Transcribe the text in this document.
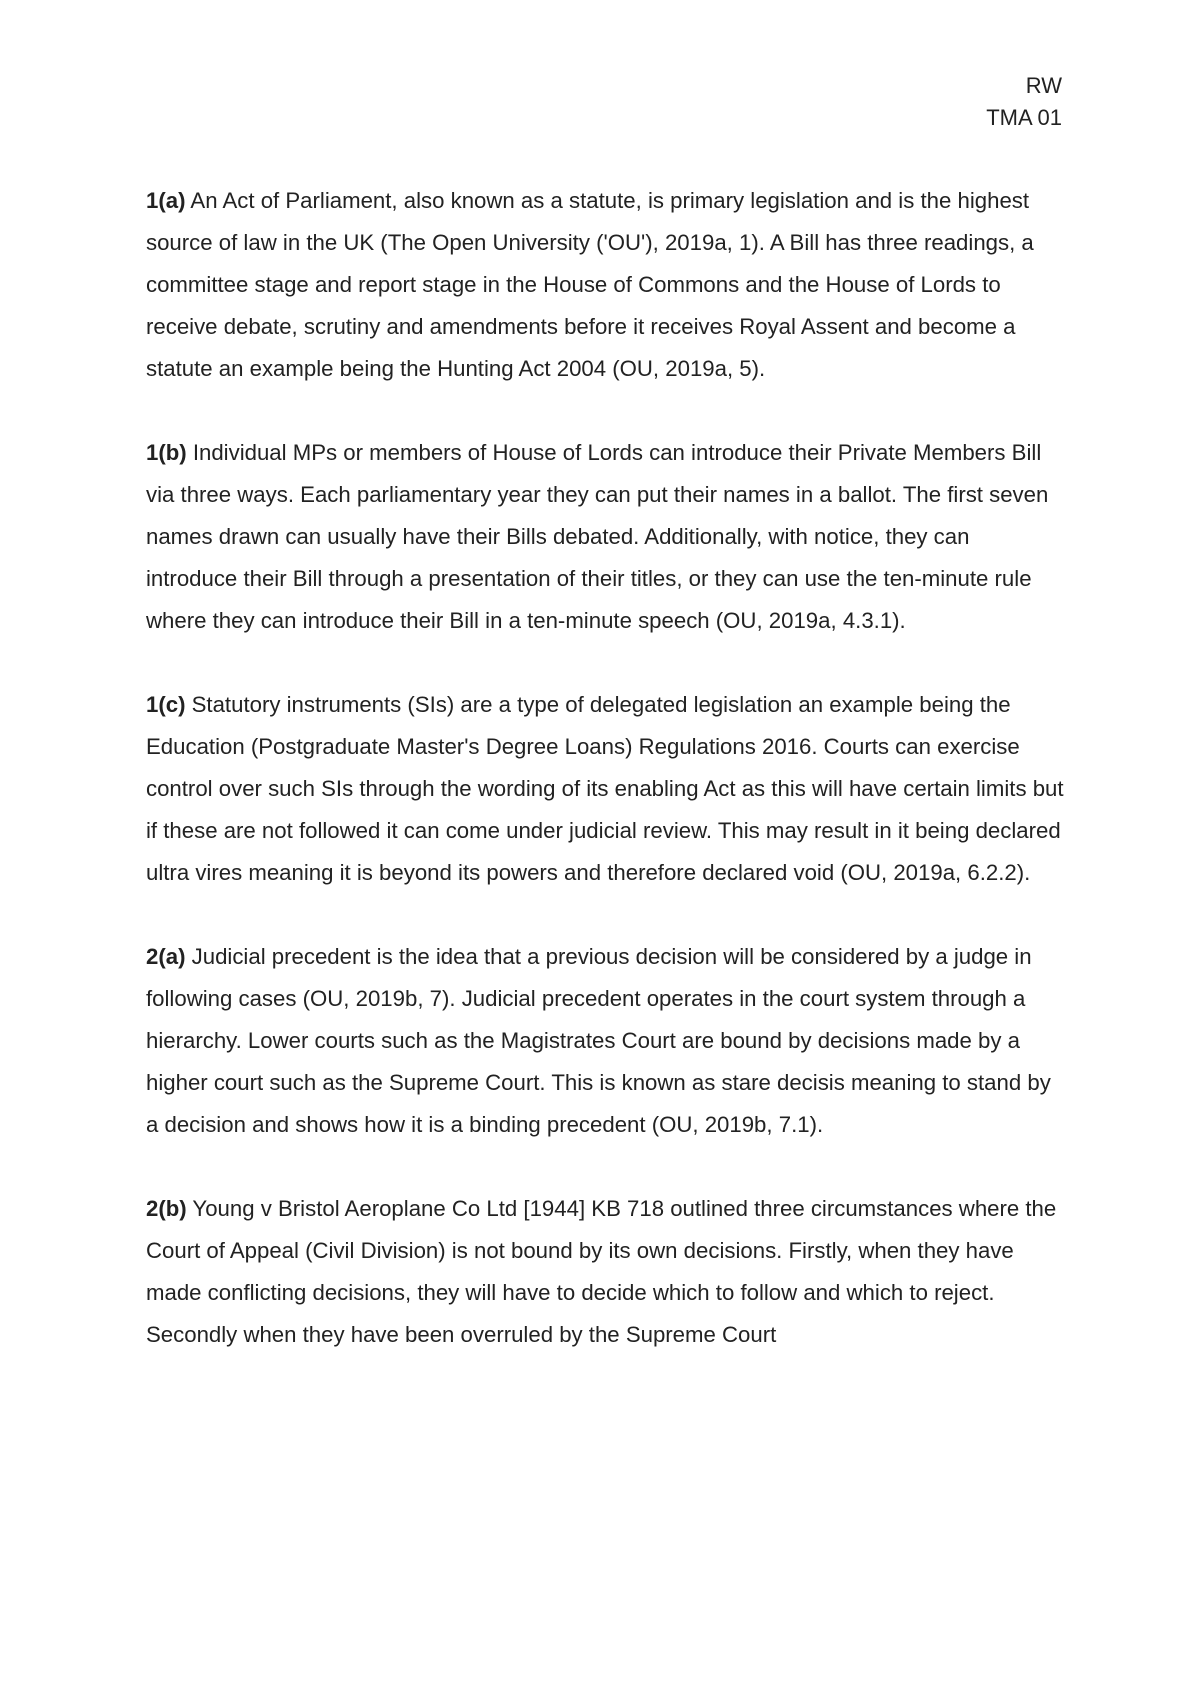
RW
TMA 01

1(a) An Act of Parliament, also known as a statute, is primary legislation and is the highest source of law in the UK (The Open University ('OU'), 2019a, 1). A Bill has three readings, a committee stage and report stage in the House of Commons and the House of Lords to receive debate, scrutiny and amendments before it receives Royal Assent and become a statute an example being the Hunting Act 2004 (OU, 2019a, 5).

1(b) Individual MPs or members of House of Lords can introduce their Private Members Bill via three ways. Each parliamentary year they can put their names in a ballot. The first seven names drawn can usually have their Bills debated. Additionally, with notice, they can introduce their Bill through a presentation of their titles, or they can use the ten-minute rule where they can introduce their Bill in a ten-minute speech (OU, 2019a, 4.3.1).

1(c) Statutory instruments (SIs) are a type of delegated legislation an example being the Education (Postgraduate Master's Degree Loans) Regulations 2016. Courts can exercise control over such SIs through the wording of its enabling Act as this will have certain limits but if these are not followed it can come under judicial review. This may result in it being declared ultra vires meaning it is beyond its powers and therefore declared void (OU, 2019a, 6.2.2).

2(a) Judicial precedent is the idea that a previous decision will be considered by a judge in following cases (OU, 2019b, 7). Judicial precedent operates in the court system through a hierarchy. Lower courts such as the Magistrates Court are bound by decisions made by a higher court such as the Supreme Court. This is known as stare decisis meaning to stand by a decision and shows how it is a binding precedent (OU, 2019b, 7.1).

2(b) Young v Bristol Aeroplane Co Ltd [1944] KB 718 outlined three circumstances where the Court of Appeal (Civil Division) is not bound by its own decisions. Firstly, when they have made conflicting decisions, they will have to decide which to follow and which to reject. Secondly when they have been overruled by the Supreme Court
